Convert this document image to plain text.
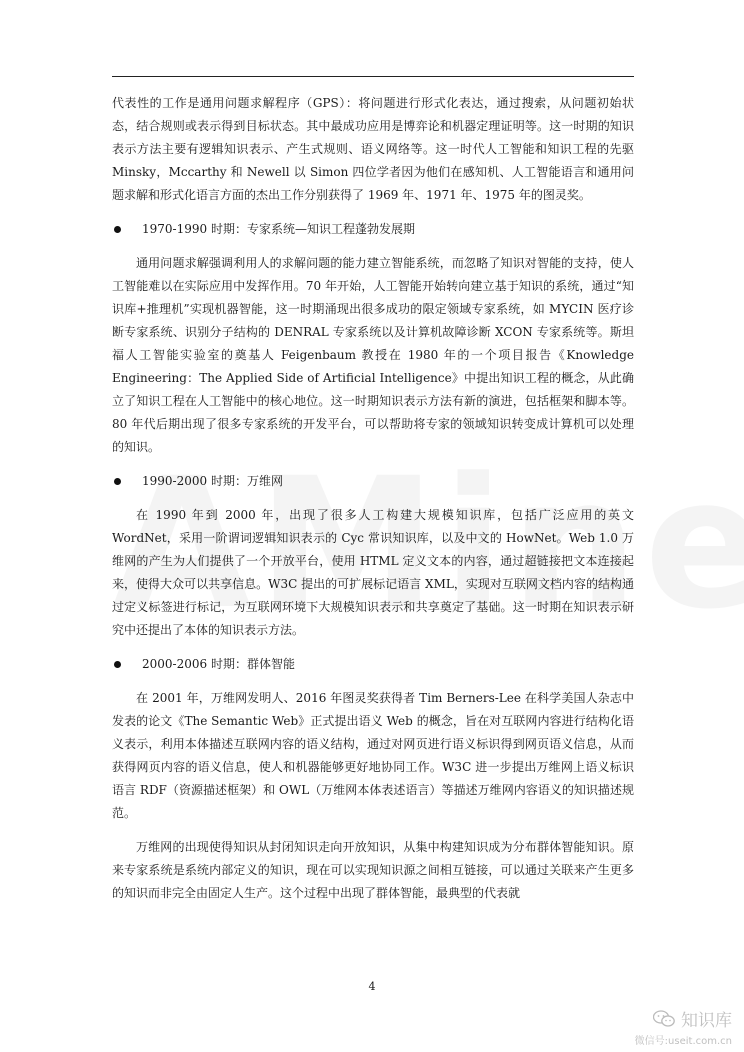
代表性的工作是通用问题求解程序（GPS）：将问题进行形式化表达，通过搜索，从问题初始状态，结合规则或表示得到目标状态。其中最成功应用是博弈论和机器定理证明等。这一时期的知识表示方法主要有逻辑知识表示、产生式规则、语义网络等。这一时代人工智能和知识工程的先驱 Minsky，Mccarthy 和 Newell 以 Simon 四位学者因为他们在感知机、人工智能语言和通用问题求解和形式化语言方面的杰出工作分别获得了 1969 年、1971 年、1975 年的图灵奖。

1970-1990 时期：专家系统—知识工程蓬勃发展期

通用问题求解强调利用人的求解问题的能力建立智能系统，而忽略了知识对智能的支持，使人工智能难以在实际应用中发挥作用。70 年开始，人工智能开始转向建立基于知识的系统，通过“知识库+推理机”实现机器智能，这一时期涌现出很多成功的限定领域专家系统，如 MYCIN 医疗诊断专家系统、识别分子结构的 DENRAL 专家系统以及计算机故障诊断 XCON 专家系统等。斯坦福人工智能实验室的奠基人 Feigenbaum 教授在 1980 年的一个项目报告《Knowledge Engineering：The Applied Side of Artificial Intelligence》中提出知识工程的概念，从此确立了知识工程在人工智能中的核心地位。这一时期知识表示方法有新的演进，包括框架和脚本等。80 年代后期出现了很多专家系统的开发平台，可以帮助将专家的领域知识转变成计算机可以处理的知识。

1990-2000 时期：万维网

在 1990 年到 2000 年，出现了很多人工构建大规模知识库，包括广泛应用的英文 WordNet，采用一阶谓词逻辑知识表示的 Cyc 常识知识库，以及中文的 HowNet。Web 1.0 万维网的产生为人们提供了一个开放平台，使用 HTML 定义文本的内容，通过超链接把文本连接起来，使得大众可以共享信息。W3C 提出的可扩展标记语言 XML，实现对互联网文档内容的结构通过定义标签进行标记，为互联网环境下大规模知识表示和共享奠定了基础。这一时期在知识表示研究中还提出了本体的知识表示方法。

2000-2006 时期：群体智能

在 2001 年，万维网发明人、2016 年图灵奖获得者 Tim Berners-Lee 在科学美国人杂志中发表的论文《The Semantic Web》正式提出语义 Web 的概念，旨在对互联网内容进行结构化语义表示，利用本体描述互联网内容的语义结构，通过对网页进行语义标识得到网页语义信息，从而获得网页内容的语义信息，使人和机器能够更好地协同工作。W3C 进一步提出万维网上语义标识语言 RDF（资源描述框架）和 OWL（万维网本体表述语言）等描述万维网内容语义的知识描述规范。

万维网的出现使得知识从封闭知识走向开放知识，从集中构建知识成为分布群体智能知识。原来专家系统是系统内部定义的知识，现在可以实现知识源之间相互链接，可以通过关联来产生更多的知识而非完全由固定人生产。这个过程中出现了群体智能，最典型的代表就

4
知识库
微信号:useit.com.cn
